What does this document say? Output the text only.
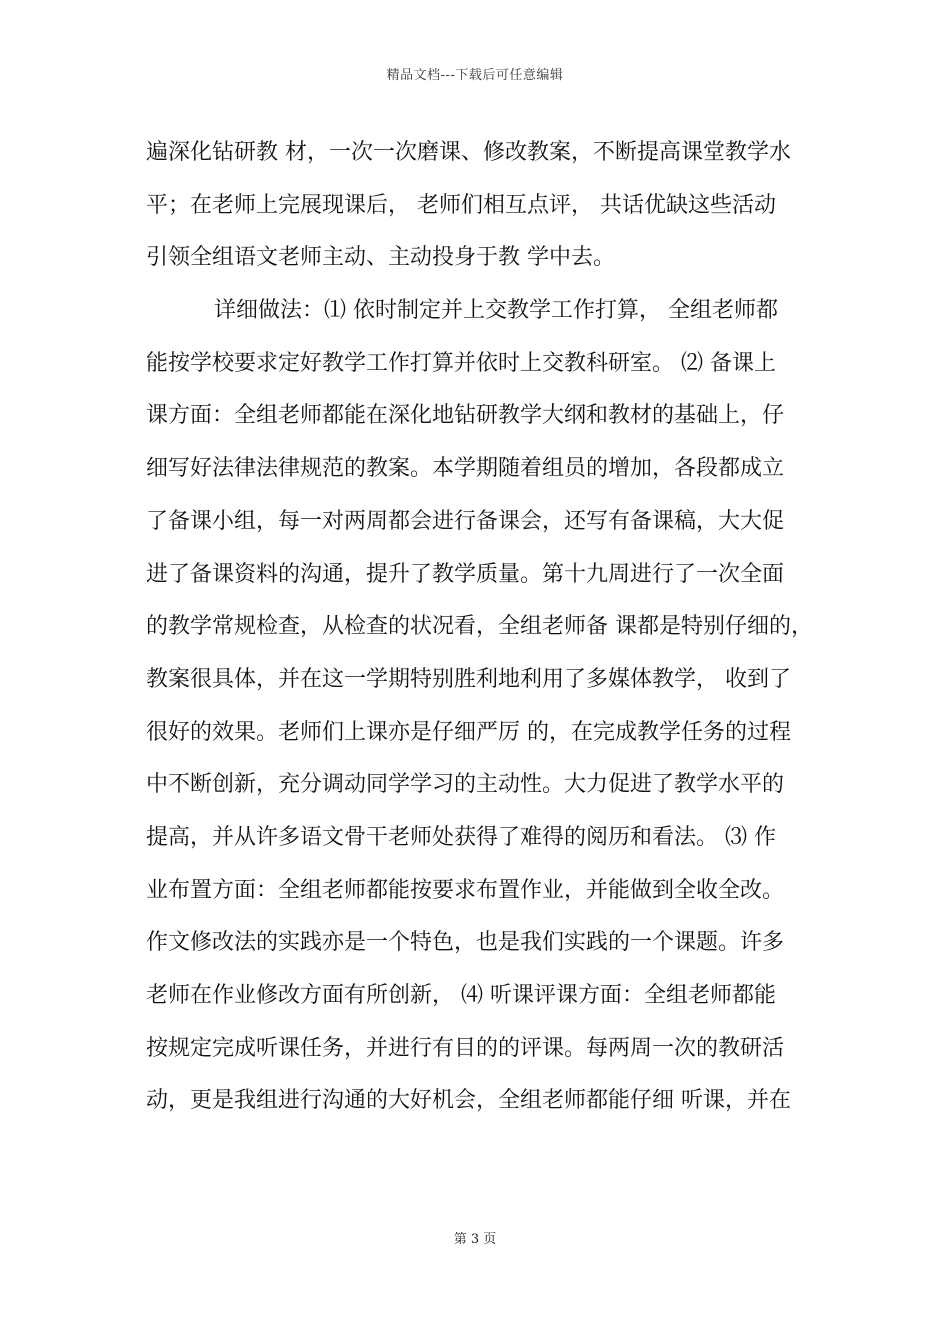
精品文档---下载后可任意编辑
遍深化钻研教 材，一次一次磨课、修改教案，不断提高课堂教学水
平；在老师上完展现课后， 老师们相互点评， 共话优缺这些活动
引领全组语文老师主动、主动投身于教 学中去。
详细做法：⑴ 依时制定并上交教学工作打算， 全组老师都
能按学校要求定好教学工作打算并依时上交教科研室。 ⑵ 备课上
课方面：全组老师都能在深化地钻研教学大纲和教材的基础上，仔
细写好法律法律规范的教案。本学期随着组员的增加，各段都成立
了备课小组，每一对两周都会进行备课会，还写有备课稿，大大促
进了备课资料的沟通，提升了教学质量。第十九周进行了一次全面
的教学常规检查，从检查的状况看，全组老师备 课都是特别仔细的，
教案很具体，并在这一学期特别胜利地利用了多媒体教学， 收到了
很好的效果。老师们上课亦是仔细严厉 的，在完成教学任务的过程
中不断创新，充分调动同学学习的主动性。大力促进了教学水平的
提高，并从许多语文骨干老师处获得了难得的阅历和看法。 ⑶ 作
业布置方面：全组老师都能按要求布置作业，并能做到全收全改。
作文修改法的实践亦是一个特色，也是我们实践的一个课题。许多
老师在作业修改方面有所创新， ⑷ 听课评课方面：全组老师都能
按规定完成听课任务，并进行有目的的评课。每两周一次的教研活
动，更是我组进行沟通的大好机会，全组老师都能仔细 听课，并在
第 3 页
